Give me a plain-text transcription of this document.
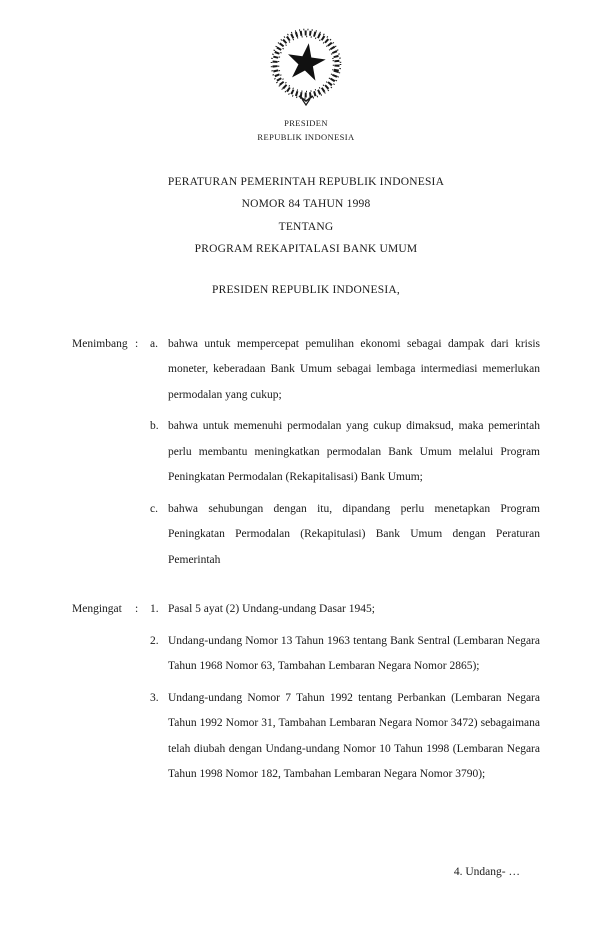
PRESIDEN
REPUBLIK INDONESIA
PERATURAN PEMERINTAH REPUBLIK INDONESIA
NOMOR 84 TAHUN 1998
TENTANG
PROGRAM REKAPITALASI BANK UMUM
PRESIDEN REPUBLIK INDONESIA,
Menimbang :	a. bahwa untuk mempercepat pemulihan ekonomi sebagai dampak dari krisis moneter, keberadaan Bank Umum sebagai lembaga intermediasi memerlukan permodalan yang cukup;
b. bahwa untuk memenuhi permodalan yang cukup dimaksud, maka pemerintah perlu membantu meningkatkan permodalan Bank Umum melalui Program Peningkatan Permodalan (Rekapitalisasi) Bank Umum;
c. bahwa sehubungan dengan itu, dipandang perlu menetapkan Program Peningkatan Permodalan (Rekapitulasi) Bank Umum dengan Peraturan Pemerintah
Mengingat	:	1. Pasal 5 ayat (2) Undang-undang Dasar 1945;
2. Undang-undang Nomor 13 Tahun 1963 tentang Bank Sentral (Lembaran Negara Tahun 1968 Nomor 63, Tambahan Lembaran Negara Nomor 2865);
3. Undang-undang Nomor 7 Tahun 1992 tentang Perbankan (Lembaran Negara Tahun 1992 Nomor 31, Tambahan Lembaran Negara Nomor 3472) sebagaimana telah diubah dengan Undang-undang Nomor 10 Tahun 1998 (Lembaran Negara Tahun 1998 Nomor 182, Tambahan Lembaran Negara Nomor 3790);
4. Undang- …
